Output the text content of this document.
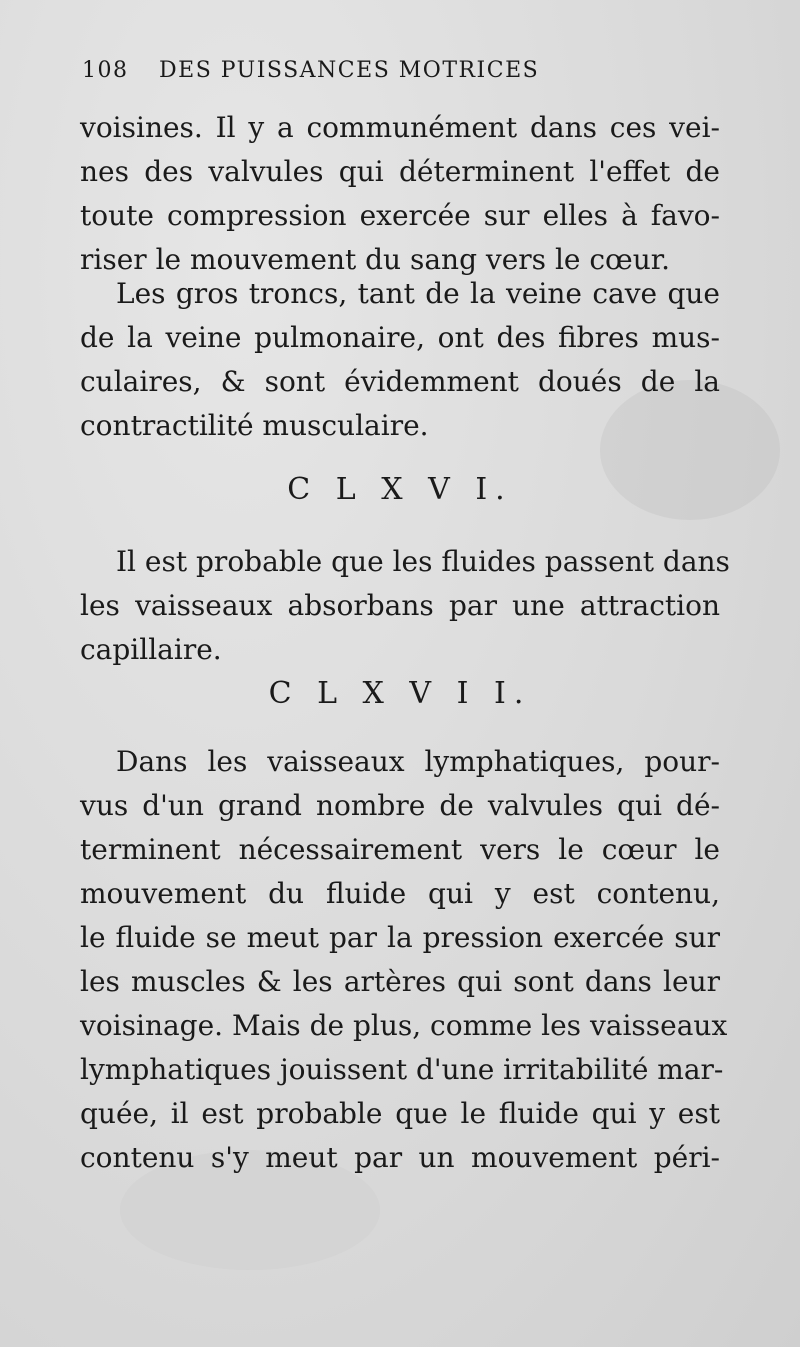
108 DES PUISSANCES MOTRICES
voisines. Il y a communément dans ces vei-
nes des valvules qui déterminent l'effet de
toute compression exercée sur elles à favo-
riser le mouvement du sang vers le cœur.
Les gros troncs, tant de la veine cave que
de la veine pulmonaire, ont des fibres mus-
culaires, & sont évidemment doués de la
contractilité musculaire.
C L X V I.
Il est probable que les fluides passent dans
les vaisseaux absorbans par une attraction
capillaire.
C L X V I I.
Dans les vaisseaux lymphatiques, pour-
vus d'un grand nombre de valvules qui dé-
terminent nécessairement vers le cœur le
mouvement du fluide qui y est contenu,
le fluide se meut par la pression exercée sur
les muscles & les artères qui sont dans leur
voisinage. Mais de plus, comme les vaisseaux
lymphatiques jouissent d'une irritabilité mar-
quée, il est probable que le fluide qui y est
contenu s'y meut par un mouvement péri-
